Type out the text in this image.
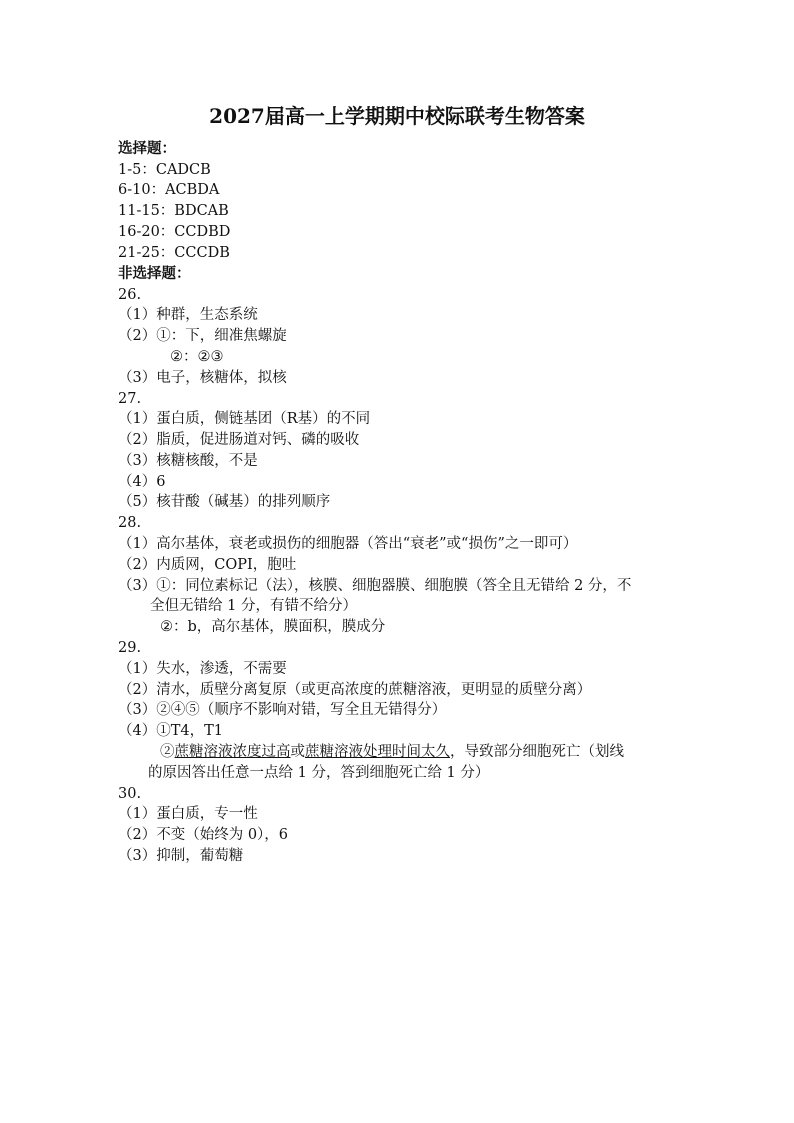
2027届高一上学期期中校际联考生物答案
选择题：
1-5：CADCB
6-10：ACBDA
11-15：BDCAB
16-20：CCDBD
21-25：CCCDB
非选择题：
26.
（1）种群，生态系统
（2）①：下，细准焦螺旋
②：②③
（3）电子，核糖体，拟核
27.
（1）蛋白质，侧链基团（R基）的不同
（2）脂质，促进肠道对钙、磷的吸收
（3）核糖核酸，不是
（4）6
（5）核苷酸（碱基）的排列顺序
28.
（1）高尔基体，衰老或损伤的细胞器（答出“衰老”或“损伤”之一即可）
（2）内质网，COPI，胞吐
（3）①：同位素标记（法），核膜、细胞器膜、细胞膜（答全且无错给 2 分，不
全但无错给 1 分，有错不给分）
②：b，高尔基体，膜面积，膜成分
29.
（1）失水，渗透，不需要
（2）清水，质壁分离复原（或更高浓度的蔗糖溶液，更明显的质壁分离）
（3）②④⑤（顺序不影响对错，写全且无错得分）
（4）①T4，T1
②蔗糖溶液浓度过高或蔗糖溶液处理时间太久，导致部分细胞死亡（划线
的原因答出任意一点给 1 分，答到细胞死亡给 1 分）
30.
（1）蛋白质，专一性
（2）不变（始终为 0），6
（3）抑制，葡萄糖
